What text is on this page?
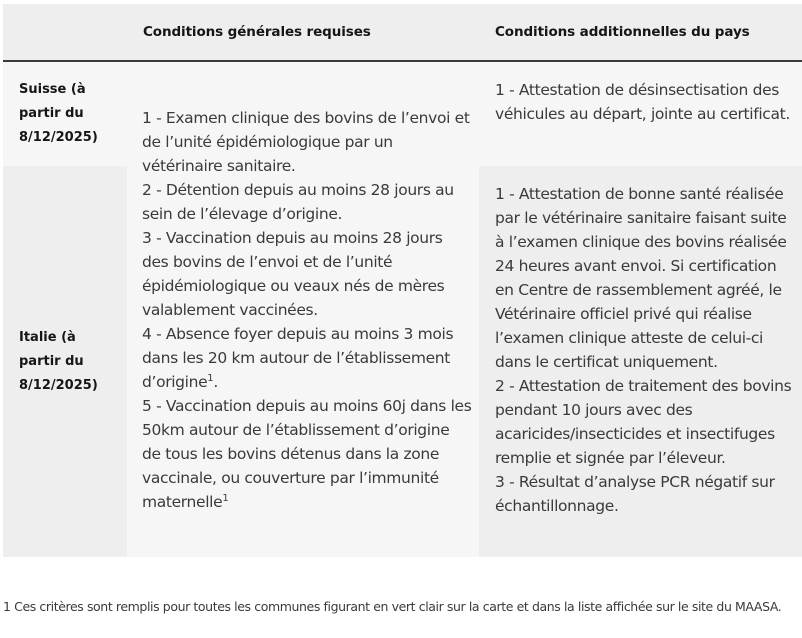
Conditions générales requises	Conditions additionnelles du pays
Suisse (à partir du 8/12/2025)
Italie (à partir du 8/12/2025)
1 - Examen clinique des bovins de l’envoi et de l’unité épidémiologique par un vétérinaire sanitaire.
2 - Détention depuis au moins 28 jours au sein de l’élevage d’origine.
3 - Vaccination depuis au moins 28 jours des bovins de l’envoi et de l’unité épidémiologique ou veaux nés de mères valablement vaccinées.
4 - Absence foyer depuis au moins 3 mois dans les 20 km autour de l’établissement d’origine$^1$.
5 - Vaccination depuis au moins 60j dans les 50km autour de l’établissement d’origine de tous les bovins détenus dans la zone vaccinale, ou couverture par l’immunité maternelle$^1$
1 - Attestation de désinsectisation des véhicules au départ, jointe au certificat.
1 - Attestation de bonne santé réalisée par le vétérinaire sanitaire faisant suite à l’examen clinique des bovins réalisée 24 heures avant envoi. Si certification en Centre de rassemblement agréé, le Vétérinaire officiel privé qui réalise l’examen clinique atteste de celui-ci dans le certificat uniquement.
2 - Attestation de traitement des bovins pendant 10 jours avec des acaricides/insecticides et insectifuges remplie et signée par l’éleveur.
3 - Résultat d’analyse PCR négatif sur échantillonnage.
1 Ces critères sont remplis pour toutes les communes figurant en vert clair sur la carte et dans la liste affichée sur le site du MAASA.
